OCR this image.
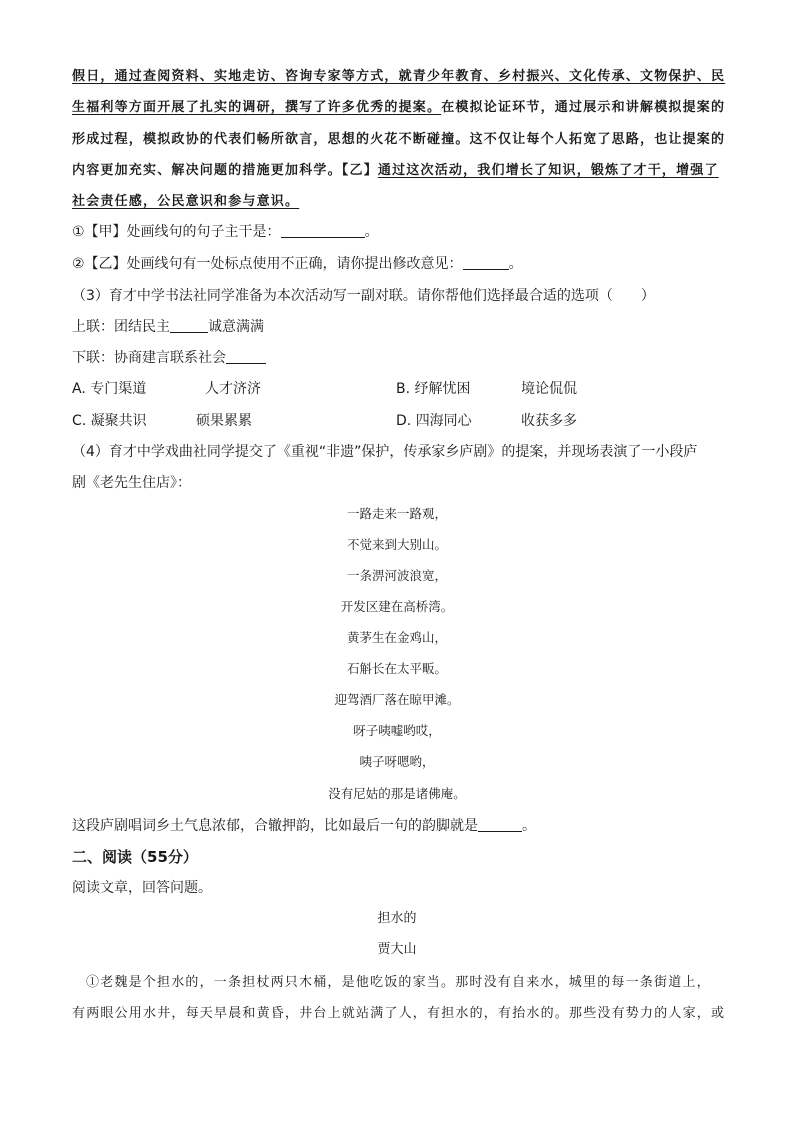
假日，通过查阅资料、实地走访、咨询专家等方式，就青少年教育、乡村振兴、文化传承、文物保护、民
生福利等方面开展了扎实的调研，撰写了许多优秀的提案。在模拟论证环节，通过展示和讲解模拟提案的
形成过程，模拟政协的代表们畅所欲言，思想的火花不断碰撞。这不仅让每个人拓宽了思路，也让提案的
内容更加充实、解决问题的措施更加科学。【乙】通过这次活动，我们增长了知识，锻炼了才干，增强了
社会责任感，公民意识和参与意识。
①【甲】处画线句的句子主干是：	。
②【乙】处画线句有一处标点使用不正确，请你提出修改意见：	。
（3）育才中学书法社同学准备为本次活动写一副对联。请你帮他们选择最合适的选项（　　）
上联：团结民主	诚意满满
下联：协商建言联系社会
A. 专门渠道	人才济济	B. 纾解忧困	境论侃侃
C. 凝聚共识	硕果累累	D. 四海同心	收获多多
（4）育才中学戏曲社同学提交了《重视“非遗”保护，传承家乡庐剧》的提案，并现场表演了一小段庐
剧《老先生住店》：
一路走来一路观，
不觉来到大别山。
一条淠河波浪宽，
开发区建在高桥湾。
黄茅生在金鸡山，
石斛长在太平畈。
迎驾酒厂落在晾甲滩。
呀子咦嘘哟哎，
咦子呀嗯哟，
没有尼姑的那是诸佛庵。
这段庐剧唱词乡土气息浓郁，合辙押韵，比如最后一句的韵脚就是	。
二、阅读（55分）
阅读文章，回答问题。
担水的
贾大山
①老魏是个担水的，一条担杖两只木桶，是他吃饭的家当。那时没有自来水，城里的每一条街道上，
有两眼公用水井，每天早晨和黄昏，井台上就站满了人，有担水的，有抬水的。那些没有势力的人家，或
